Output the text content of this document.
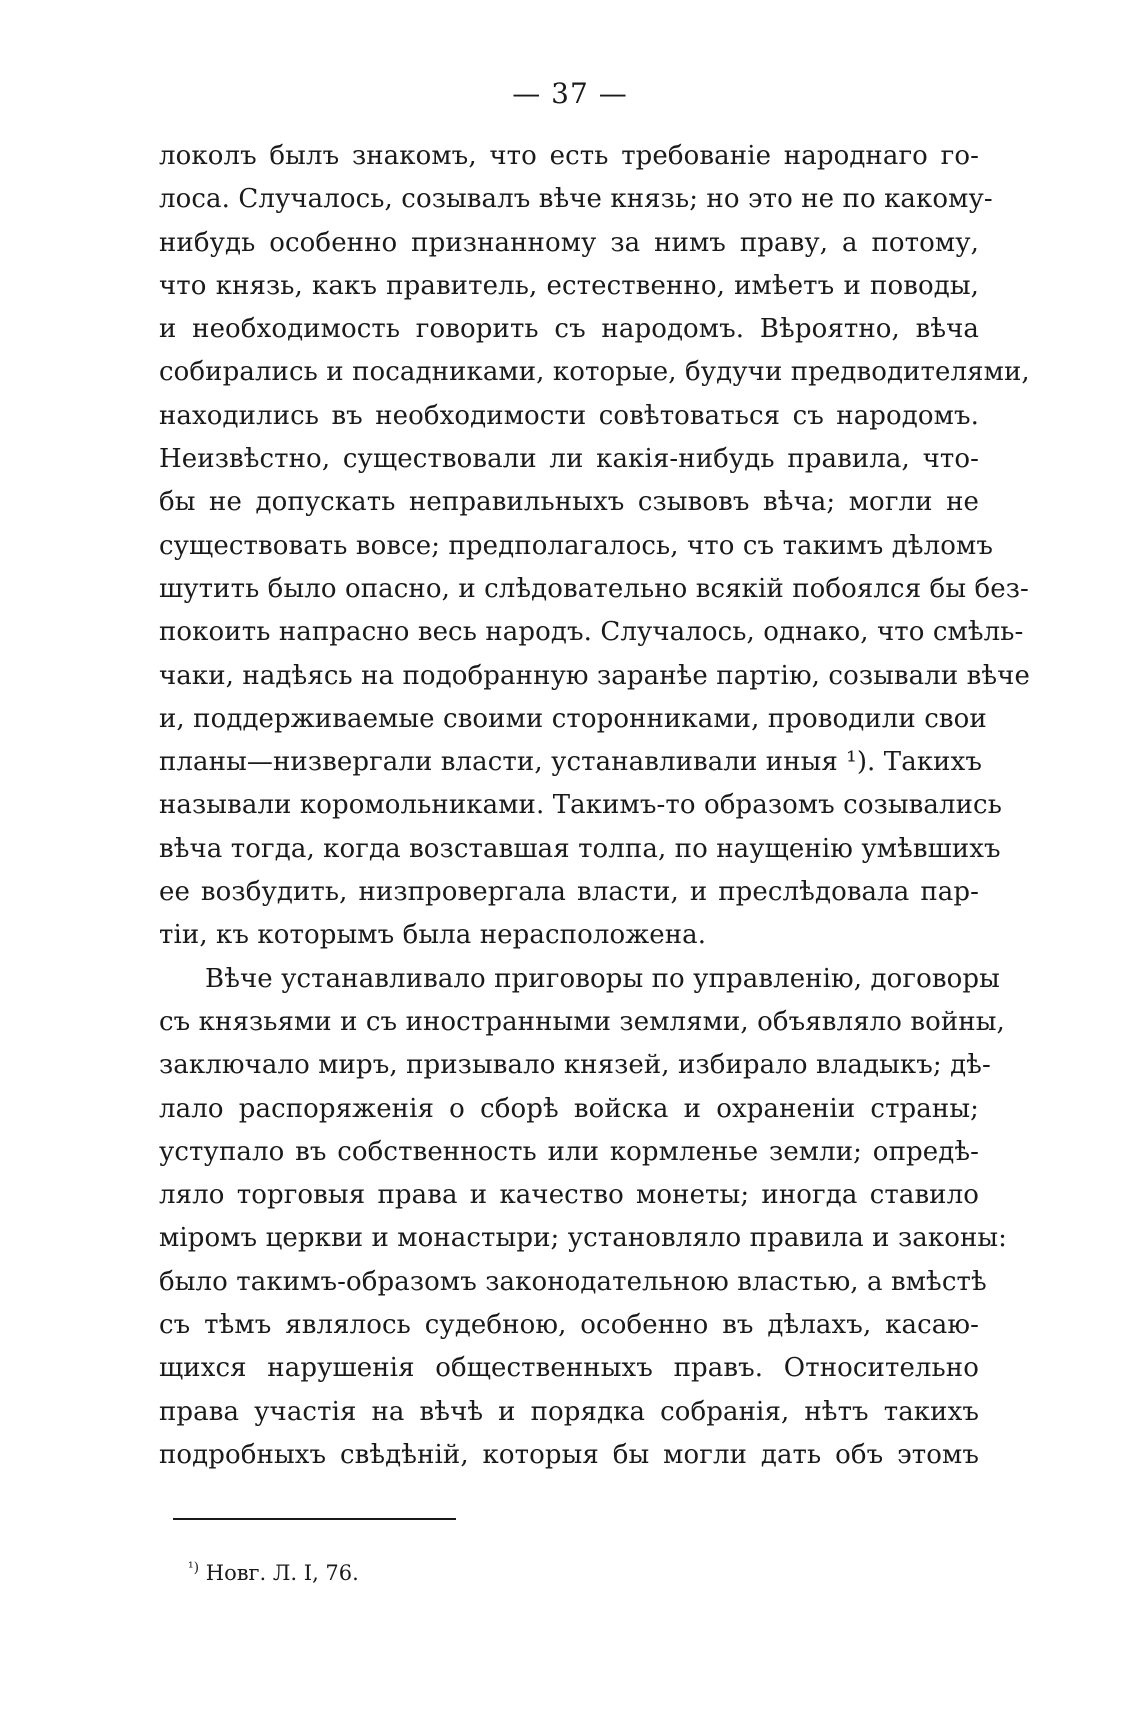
— 37 —
локолъ былъ знакомъ, что есть требованіе народнаго го-
лоса. Случалось, созывалъ вѣче князь; но это не по какому-
нибудь особенно признанному за нимъ праву, а потому,
что князь, какъ правитель, естественно, имѣетъ и поводы,
и необходимость говорить съ народомъ. Вѣроятно, вѣча
собирались и посадниками, которые, будучи предводителями,
находились въ необходимости совѣтоваться съ народомъ.
Неизвѣстно, существовали ли какія-нибудь правила, что-
бы не допускать неправильныхъ сзывовъ вѣча; могли не
существовать вовсе; предполагалось, что съ такимъ дѣломъ
шутить было опасно, и слѣдовательно всякій побоялся бы без-
покоить напрасно весь народъ. Случалось, однако, что смѣль-
чаки, надѣясь на подобранную заранѣе партію, созывали вѣче
и, поддерживаемые своими сторонниками, проводили свои
планы—низвергали власти, устанавливали иныя ¹). Такихъ
называли коромольниками. Такимъ-то образомъ созывались
вѣча тогда, когда возставшая толпа, по наущенію умѣвшихъ
ее возбудить, низпровергала власти, и преслѣдовала пар-
тіи, къ которымъ была нерасположена.
Вѣче устанавливало приговоры по управленію, договоры
съ князьями и съ иностранными землями, объявляло войны,
заключало миръ, призывало князей, избирало владыкъ; дѣ-
лало распоряженія о сборѣ войска и охраненіи страны;
уступало въ собственность или кормленье земли; опредѣ-
ляло торговыя права и качество монеты; иногда ставило
міромъ церкви и монастыри; установляло правила и законы:
было такимъ-образомъ законодательною властью, а вмѣстѣ
съ тѣмъ являлось судебною, особенно въ дѣлахъ, касаю-
щихся нарушенія общественныхъ правъ. Относительно
права участія на вѣчѣ и порядка собранія, нѣтъ такихъ
подробныхъ свѣдѣній, которыя бы могли дать объ этомъ
$^{^1)}$ Новг. Л. I, 76.
